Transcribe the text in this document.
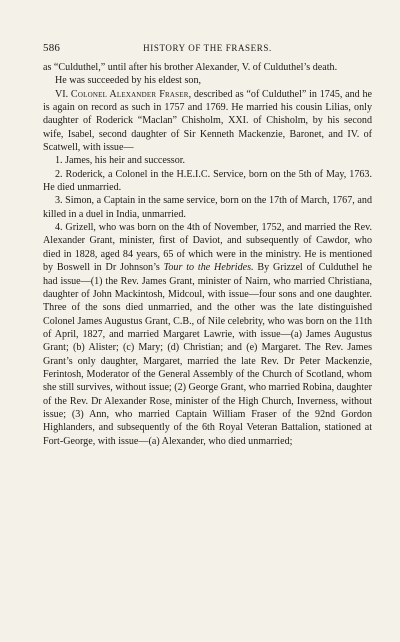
586	HISTORY OF THE FRASERS.

as “Culduthel,” until after his brother Alexander, V. of Culduthel’s death.

He was succeeded by his eldest son,

VI. Colonel Alexander Fraser, described as “of Culduthel” in 1745, and he is again on record as such in 1757 and 1769. He married his cousin Lilias, only daughter of Roderick “Maclan” Chisholm, XXI. of Chisholm, by his second wife, Isabel, second daughter of Sir Kenneth Mackenzie, Baronet, and IV. of Scatwell, with issue—

1. James, his heir and successor.

2. Roderick, a Colonel in the H.E.I.C. Service, born on the 5th of May, 1763. He died unmarried.

3. Simon, a Captain in the same service, born on the 17th of March, 1767, and killed in a duel in India, unmarried.

4. Grizell, who was born on the 4th of November, 1752, and married the Rev. Alexander Grant, minister, first of Daviot, and subsequently of Cawdor, who died in 1828, aged 84 years, 65 of which were in the ministry. He is mentioned by Boswell in Dr Johnson’s Tour to the Hebrides. By Grizzel of Culduthel he had issue—(1) the Rev. James Grant, minister of Nairn, who married Christiana, daughter of John Mackintosh, Midcoul, with issue—four sons and one daughter. Three of the sons died unmarried, and the other was the late distinguished Colonel James Augustus Grant, C.B., of Nile celebrity, who was born on the 11th of April, 1827, and married Margaret Lawrie, with issue—(a) James Augustus Grant; (b) Alister; (c) Mary; (d) Christian; and (e) Margaret. The Rev. James Grant’s only daughter, Margaret, married the late Rev. Dr Peter Mackenzie, Ferintosh, Moderator of the General Assembly of the Church of Scotland, whom she still survives, without issue; (2) George Grant, who married Robina, daughter of the Rev. Dr Alexander Rose, minister of the High Church, Inverness, without issue; (3) Ann, who married Captain William Fraser of the 92nd Gordon Highlanders, and subsequently of the 6th Royal Veteran Battalion, stationed at Fort-George, with issue—(a) Alexander, who died unmarried;
